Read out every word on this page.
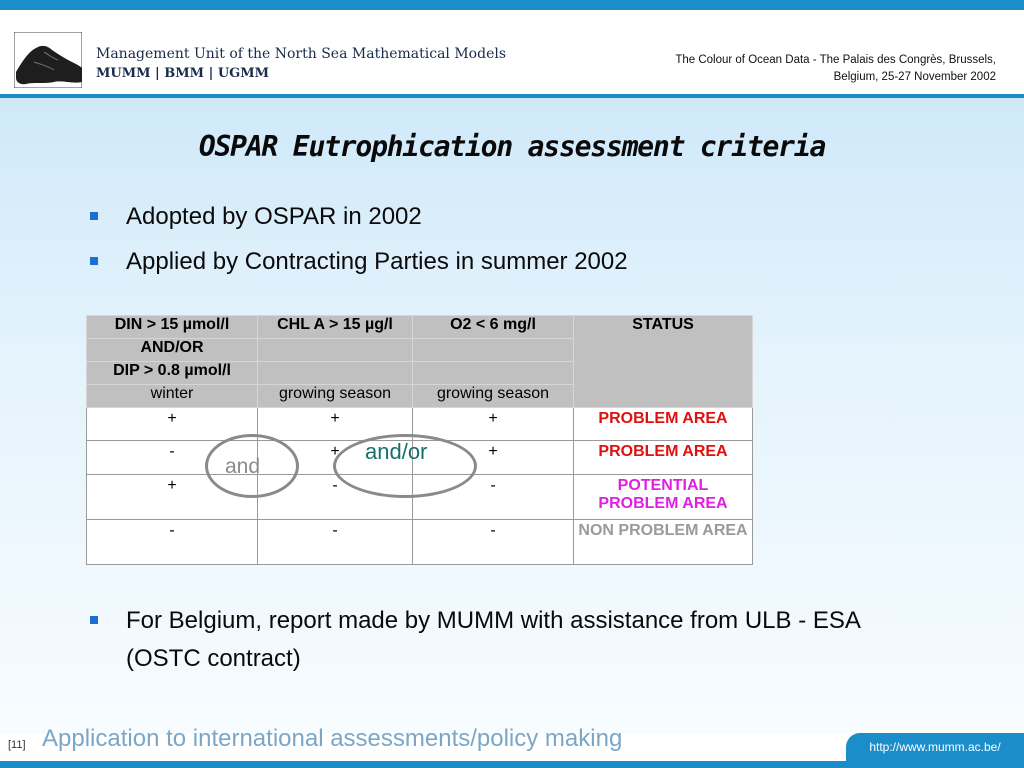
Management Unit of the North Sea Mathematical Models
MUMM | BMM | UGMM
The Colour of Ocean Data - The Palais des Congrès, Brussels,
Belgium, 25-27 November 2002
OSPAR Eutrophication assessment criteria
Adopted by OSPAR in 2002
Applied by Contracting Parties in summer 2002
DIN > 15 µmol/l	CHL A > 15 µg/l	O2 < 6 mg/l	STATUS
AND/OR			
DIP > 0.8 µmol/l			
winter	growing season	growing season	
+	+	+	PROBLEM AREA
-	+	+	PROBLEM AREA
+	-	-	POTENTIAL PROBLEM AREA
-	-	-	NON PROBLEM AREA
and
and/or
For Belgium, report made by MUMM with assistance from ULB - ESA (OSTC contract)
[11] Application to international assessments/policy making	http://www.mumm.ac.be/
